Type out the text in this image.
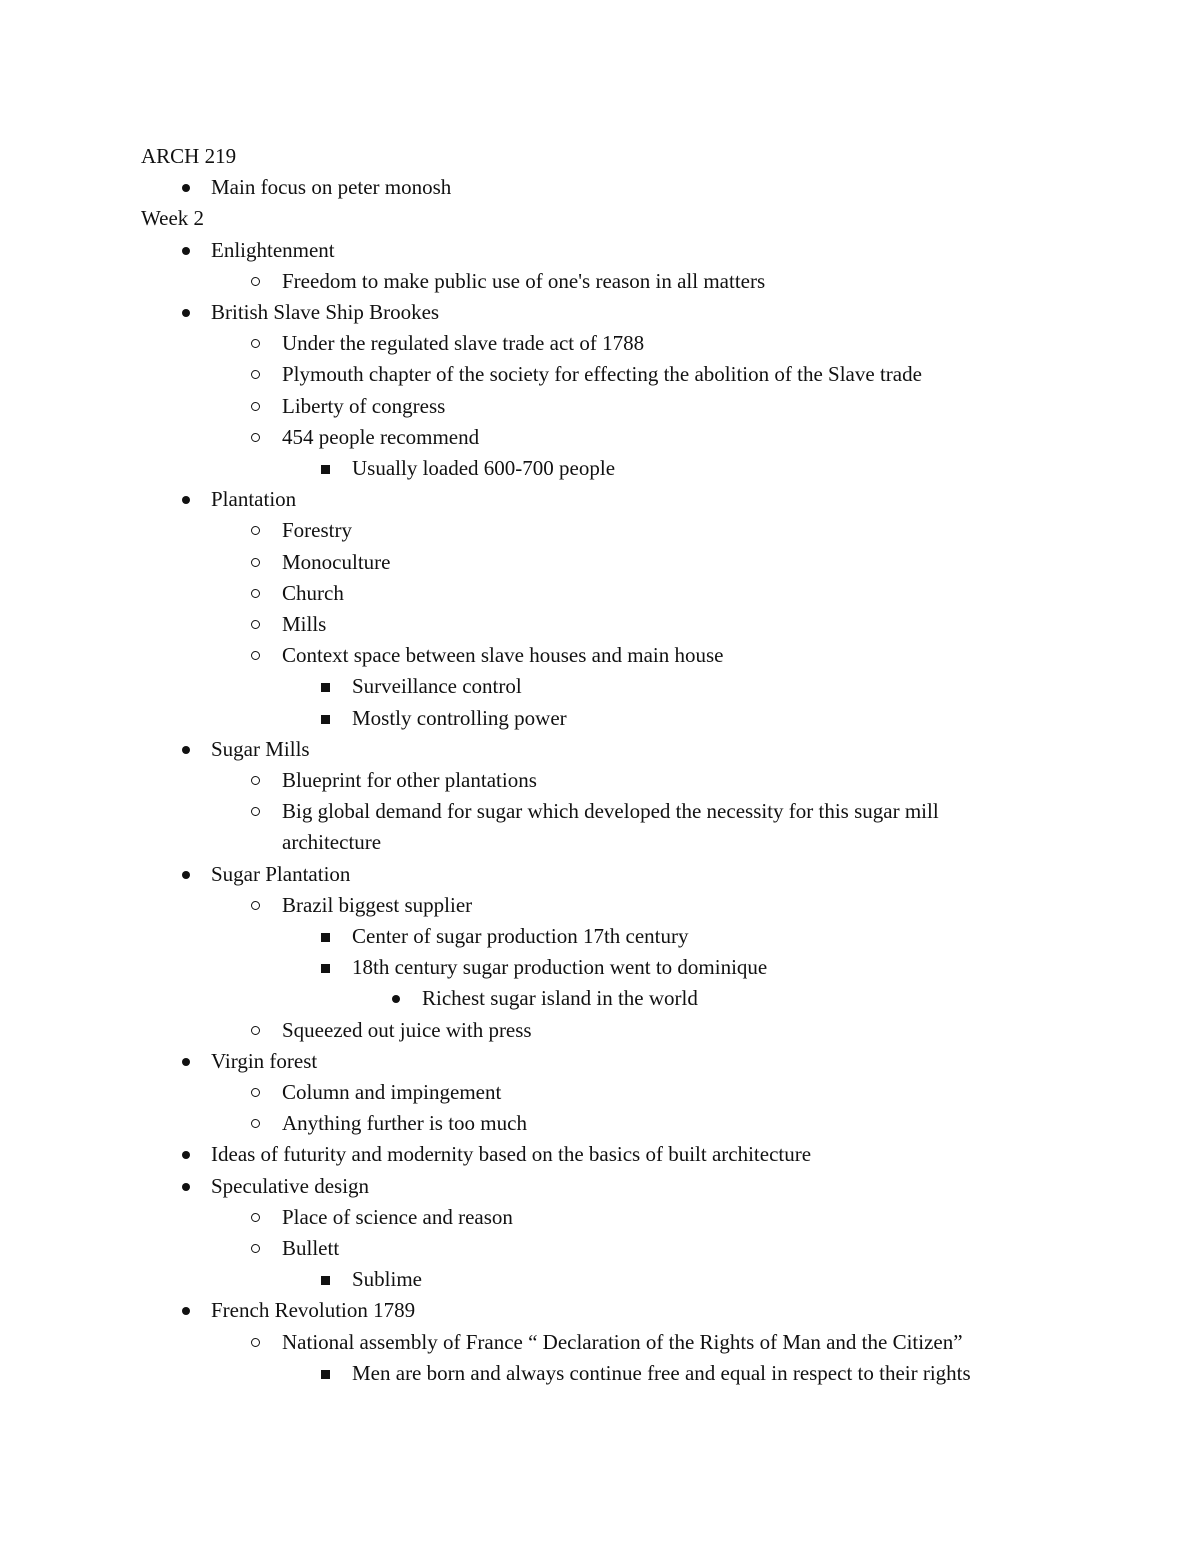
ARCH 219
Main focus on peter monosh
Week 2
Enlightenment
Freedom to make public use of one's reason in all matters
British Slave Ship Brookes
Under the regulated slave trade act of 1788
Plymouth chapter of the society for effecting the abolition of the Slave trade
Liberty of congress
454 people recommend
Usually loaded 600-700 people
Plantation
Forestry
Monoculture
Church
Mills
Context space between slave houses and main house
Surveillance control
Mostly controlling power
Sugar Mills
Blueprint for other plantations
Big global demand for sugar which developed the necessity for this sugar mill
architecture
Sugar Plantation
Brazil biggest supplier
Center of sugar production 17th century
18th century sugar production went to dominique
Richest sugar island in the world
Squeezed out juice with press
Virgin forest
Column and impingement
Anything further is too much
Ideas of futurity and modernity based on the basics of built architecture
Speculative design
Place of science and reason
Bullett
Sublime
French Revolution 1789
National assembly of France “ Declaration of the Rights of Man and the Citizen”
Men are born and always continue free and equal in respect to their rights
